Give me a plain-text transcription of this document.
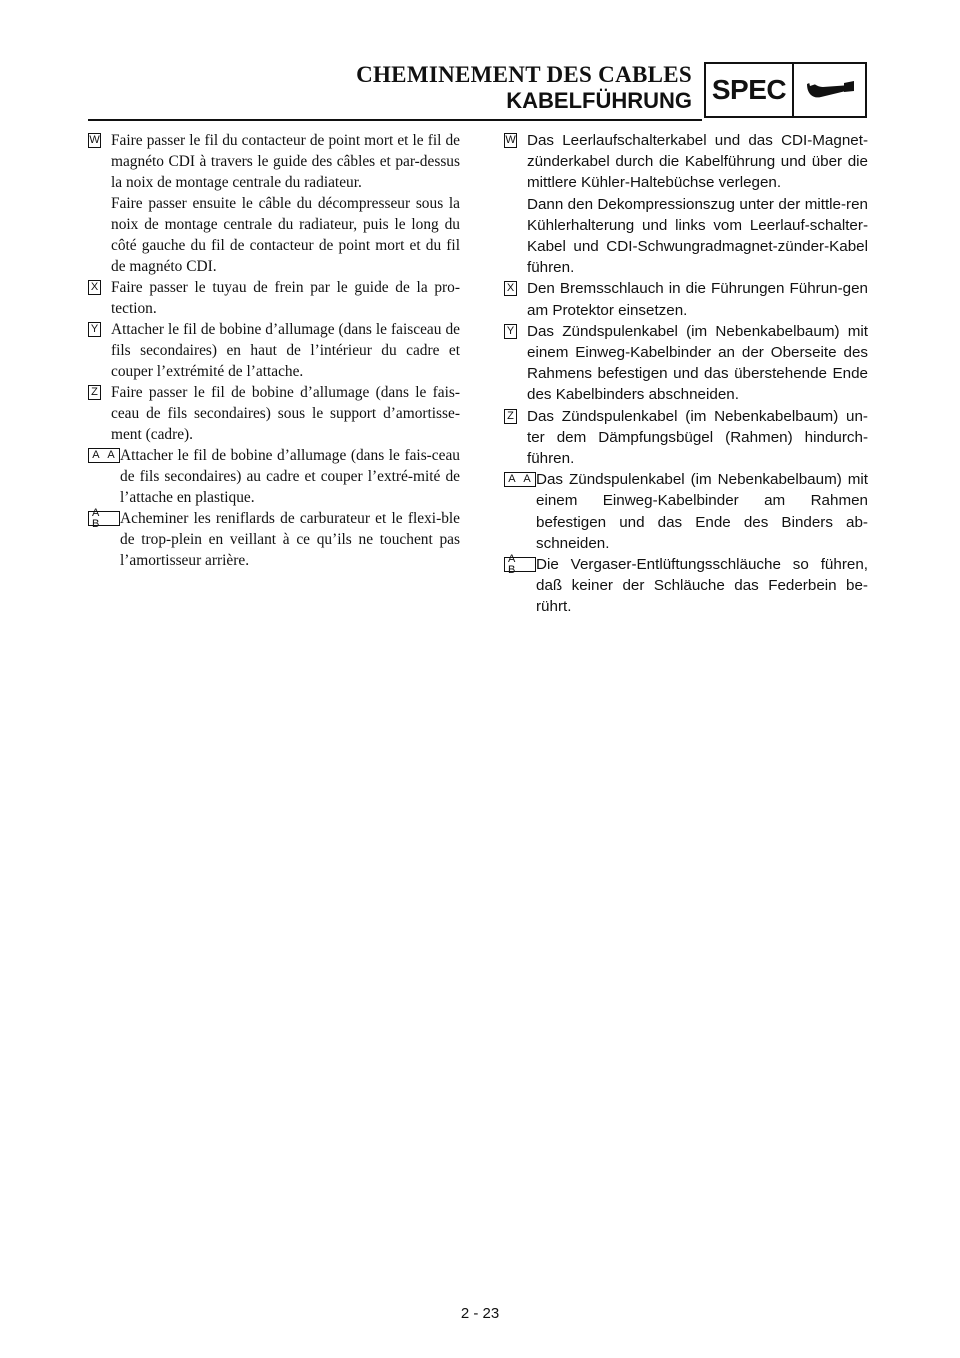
CHEMINEMENT DES CABLES
KABELFÜHRUNG SPEC
W Faire passer le fil du contacteur de point mort et le fil de magnéto CDI à travers le guide des câbles et par-dessus la noix de montage centrale du radiateur.

Faire passer ensuite le câble du décompresseur sous la noix de montage centrale du radiateur, puis le long du côté gauche du fil de contacteur de point mort et du fil de magnéto CDI.

X Faire passer le tuyau de frein par le guide de la pro-tection.

Y Attacher le fil de bobine d’allumage (dans le faisceau de fils secondaires) en haut de l’intérieur du cadre et couper l’extrémité de l’attache.

Z Faire passer le fil de bobine d’allumage (dans le fais-ceau de fils secondaires) sous le support d’amortisse-ment (cadre).

A A Attacher le fil de bobine d’allumage (dans le fais-ceau de fils secondaires) au cadre et couper l’extré-mité de l’attache en plastique.

A B	Acheminer les reniflards de carburateur et le flexi-ble de trop-plein en veillant à ce qu’ils ne touchent pas l’amortisseur arrière.

W Das Leerlaufschalterkabel und das CDI-Magnet-zünderkabel durch die Kabelführung und über die mittlere Kühler-Haltebüchse verlegen.

Dann den Dekompressionszug unter der mittle-ren Kühlerhalterung und links vom Leerlauf-schalter-Kabel und CDI-Schwungradmagnet-zünder-Kabel führen.

X Den Bremsschlauch in die Führungen Führun-gen am Protektor einsetzen.

Y Das Zündspulenkabel (im Nebenkabelbaum) mit einem Einweg-Kabelbinder an der Oberseite des Rahmens befestigen und das überstehende Ende des Kabelbinders abschneiden.

Z Das Zündspulenkabel (im Nebenkabelbaum) un-ter dem Dämpfungsbügel (Rahmen) hindurch-führen.

A A Das Zündspulenkabel (im Nebenkabelbaum) mit einem Einweg-Kabelbinder am Rahmen befestigen und das Ende des Binders ab-schneiden.

A B	Die Vergaser-Entlüftungsschläuche so führen, daß keiner der Schläuche das Federbein be-rührt.

2 - 23
